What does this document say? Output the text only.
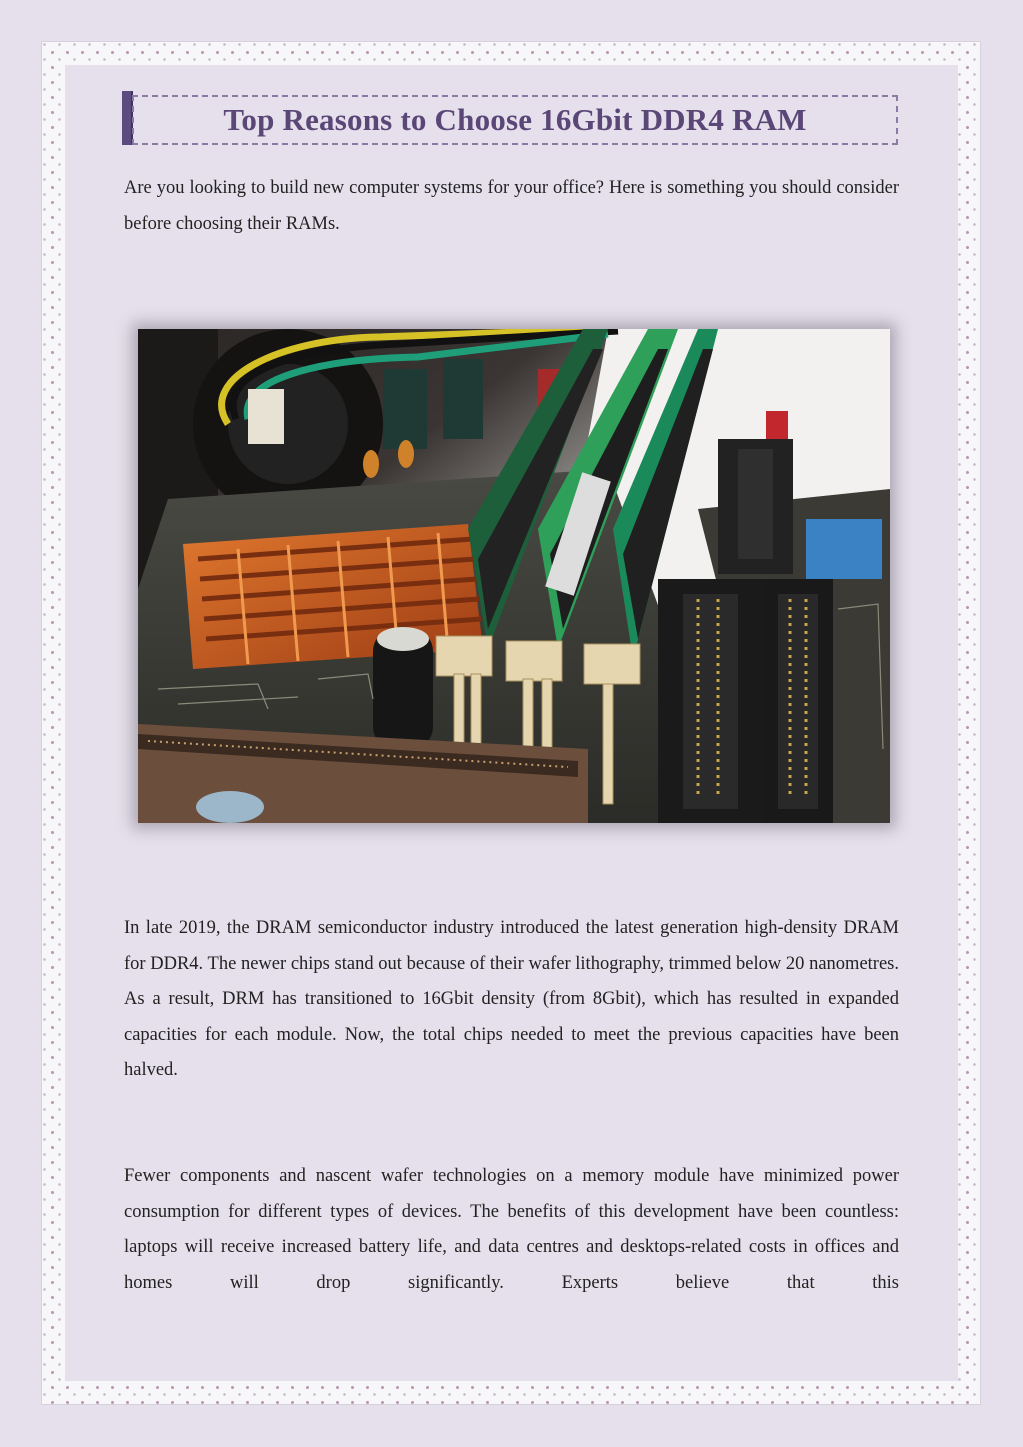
Top Reasons to Choose 16Gbit DDR4 RAM

Are you looking to build new computer systems for your office? Here is something you should consider before choosing their RAMs.

In late 2019, the DRAM semiconductor industry introduced the latest generation high-density DRAM for DDR4. The newer chips stand out because of their wafer lithography, trimmed below 20 nanometres. As a result, DRM has transitioned to 16Gbit density (from 8Gbit), which has resulted in expanded capacities for each module. Now, the total chips needed to meet the previous capacities have been halved.

Fewer components and nascent wafer technologies on a memory module have minimized power consumption for different types of devices. The benefits of this development have been countless: laptops will receive increased battery life, and data centres and desktops-related costs in offices and homes will drop significantly. Experts believe that this
